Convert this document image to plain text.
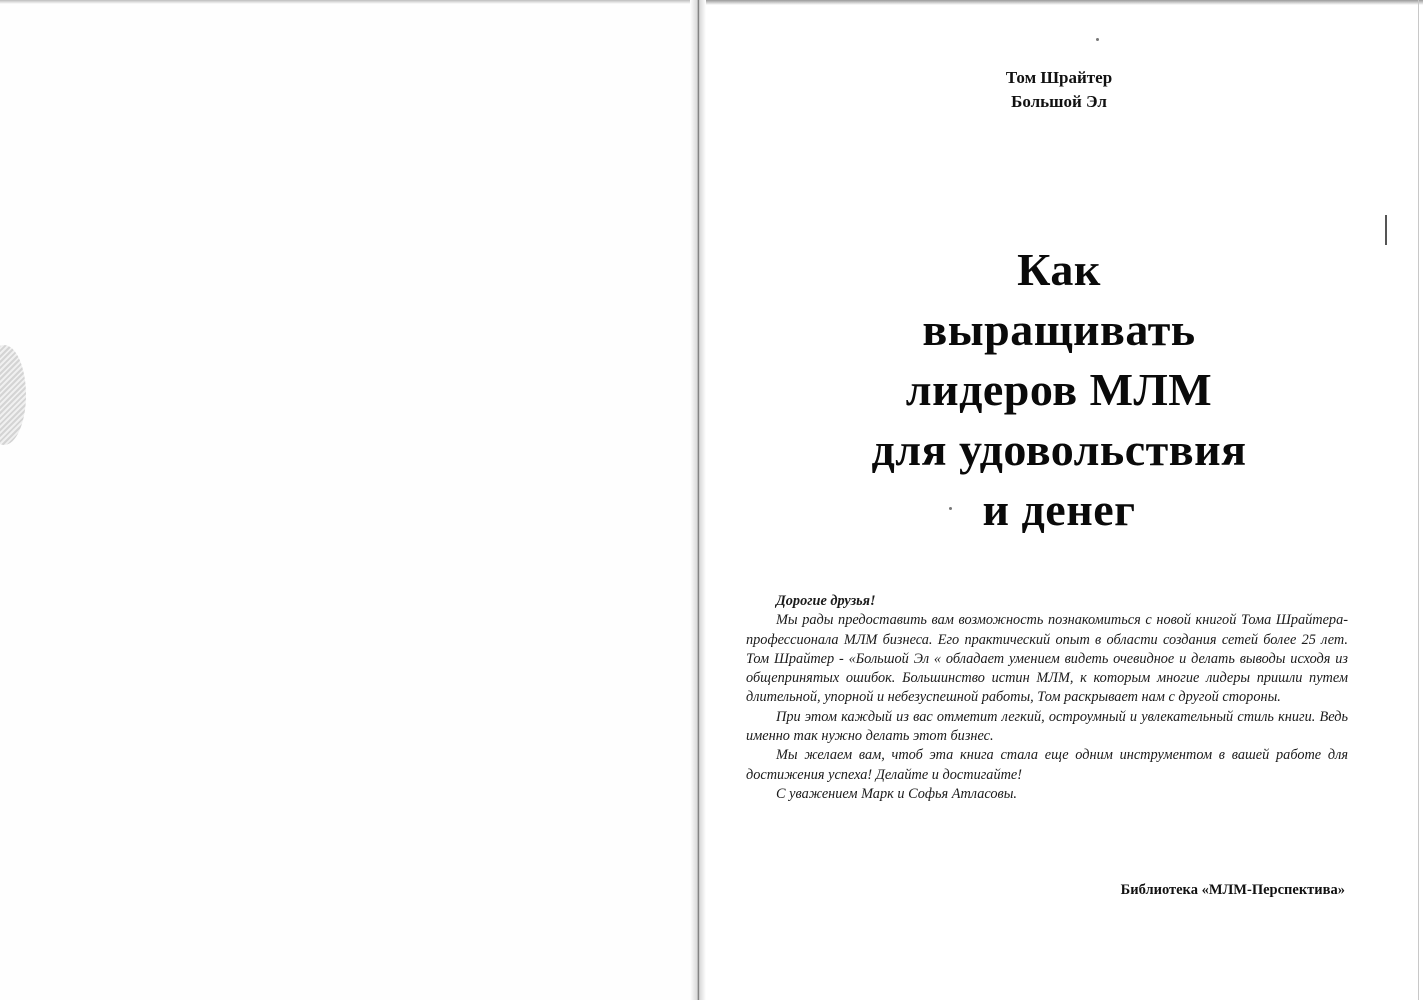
Том Шрайтер
Большой Эл
Как
выращивать
лидеров МЛМ
для удовольствия
и денег
Дорогие друзья!

Мы рады предоставить вам возможность познакомиться с новой книгой Тома Шрайтера- профессионала МЛМ бизнеса. Его практический опыт в области создания сетей более 25 лет. Том Шрайтер - «Большой Эл « обладает умением видеть очевидное и делать выводы исходя из общепринятых ошибок. Большинство истин МЛМ, к которым многие лидеры пришли путем длительной, упорной и небезуспешной работы, Том раскрывает нам с другой стороны.

При этом каждый из вас отметит легкий, остроумный и увлекательный стиль книги. Ведь именно так нужно делать этот бизнес.

Мы желаем вам, чтоб эта книга стала еще одним инструментом в вашей работе для достижения успеха! Делайте и достигайте!

С уважением Марк и Софья Атласовы.

Библиотека «МЛМ-Перспектива»
